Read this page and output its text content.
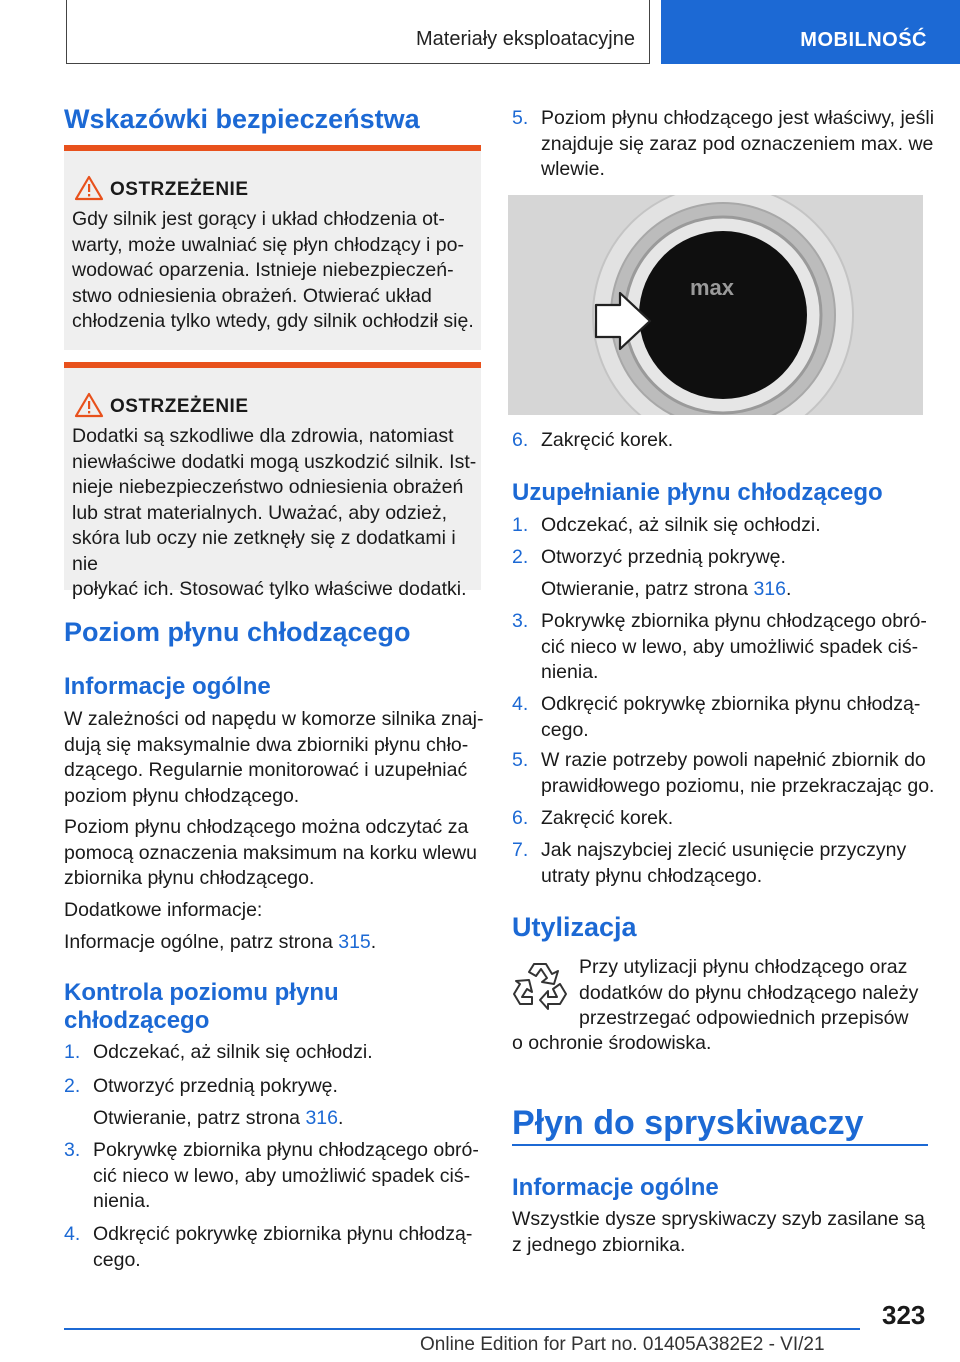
Materiały eksploatacyjne	MOBILNOŚĆ
Wskazówki bezpieczeństwa
OSTRZEŻENIE
Gdy silnik jest gorący i układ chłodzenia ot-
warty, może uwalniać się płyn chłodzący i po-
wodować oparzenia. Istnieje niebezpieczeń-
stwo odniesienia obrażeń. Otwierać układ
chłodzenia tylko wtedy, gdy silnik ochłodził się.
OSTRZEŻENIE
Dodatki są szkodliwe dla zdrowia, natomiast
niewłaściwe dodatki mogą uszkodzić silnik. Ist-
nieje niebezpieczeństwo odniesienia obrażeń
lub strat materialnych. Uważać, aby odzież,
skóra lub oczy nie zetknęły się z dodatkami i nie
połykać ich. Stosować tylko właściwe dodatki.
Poziom płynu chłodzącego
Informacje ogólne
W zależności od napędu w komorze silnika znaj-
dują się maksymalnie dwa zbiorniki płynu chło-
dzącego. Regularnie monitorować i uzupełniać
poziom płynu chłodzącego.
Poziom płynu chłodzącego można odczytać za
pomocą oznaczenia maksimum na korku wlewu
zbiornika płynu chłodzącego.
Dodatkowe informacje:
Informacje ogólne, patrz strona 315.
Kontrola poziomu płynu
chłodzącego
1. Odczekać, aż silnik się ochłodzi.
2. Otworzyć przednią pokrywę.
Otwieranie, patrz strona 316.
3. Pokrywkę zbiornika płynu chłodzącego obró-
cić nieco w lewo, aby umożliwić spadek ciś-
nienia.
4. Odkręcić pokrywkę zbiornika płynu chłodzą-
cego.
5. Poziom płynu chłodzącego jest właściwy, jeśli
znajduje się zaraz pod oznaczeniem max. we
wlewie.
max
6. Zakręcić korek.
Uzupełnianie płynu chłodzącego
1. Odczekać, aż silnik się ochłodzi.
2. Otworzyć przednią pokrywę.
Otwieranie, patrz strona 316.
3. Pokrywkę zbiornika płynu chłodzącego obró-
cić nieco w lewo, aby umożliwić spadek ciś-
nienia.
4. Odkręcić pokrywkę zbiornika płynu chłodzą-
cego.
5. W razie potrzeby powoli napełnić zbiornik do
prawidłowego poziomu, nie przekraczając go.
6. Zakręcić korek.
7. Jak najszybciej zlecić usunięcie przyczyny
utraty płynu chłodzącego.
Utylizacja
Przy utylizacji płynu chłodzącego oraz
dodatków do płynu chłodzącego należy
przestrzegać odpowiednich przepisów
o ochronie środowiska.
Płyn do spryskiwaczy
Informacje ogólne
Wszystkie dysze spryskiwaczy szyb zasilane są
z jednego zbiornika.
323
Online Edition for Part no. 01405A382E2 - VI/21
